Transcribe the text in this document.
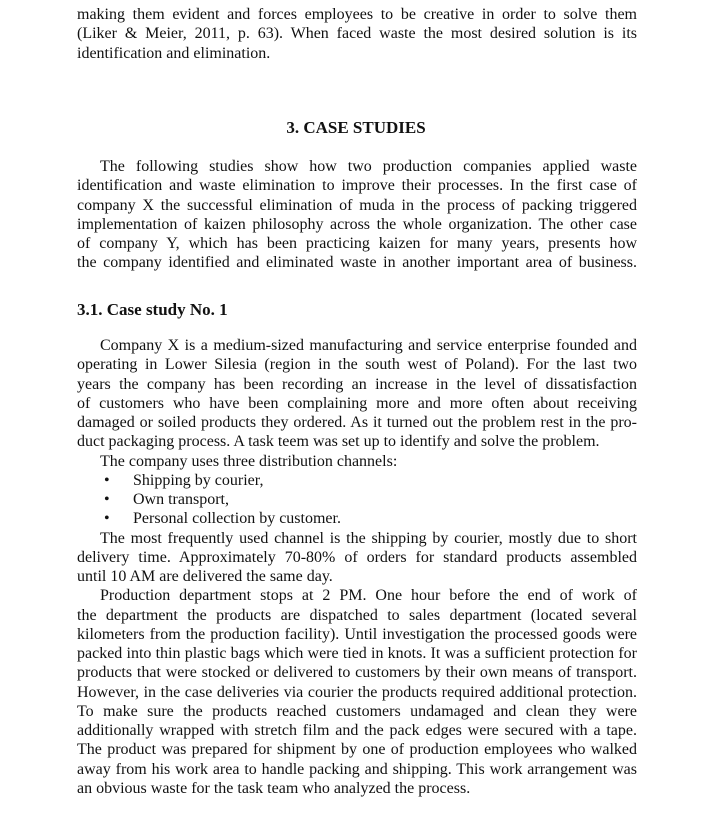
making them evident and forces employees to be creative in order to solve them
(Liker & Meier, 2011, p. 63). When faced waste the most desired solution is its
identification and elimination.
3. CASE STUDIES
The following studies show how two production companies applied waste
identification and waste elimination to improve their processes. In the first case of
company X the successful elimination of muda in the process of packing triggered
implementation of kaizen philosophy across the whole organization. The other case
of company Y, which has been practicing kaizen for many years, presents how
the company identified and eliminated waste in another important area of business.
3.1. Case study No. 1
Company X is a medium-sized manufacturing and service enterprise founded and
operating in Lower Silesia (region in the south west of Poland). For the last two
years the company has been recording an increase in the level of dissatisfaction
of customers who have been complaining more and more often about receiving
damaged or soiled products they ordered. As it turned out the problem rest in the pro-
duct packaging process. A task teem was set up to identify and solve the problem.
The company uses three distribution channels:
• Shipping by courier,
• Own transport,
• Personal collection by customer.
The most frequently used channel is the shipping by courier, mostly due to short
delivery time. Approximately 70-80% of orders for standard products assembled
until 10 AM are delivered the same day.
Production department stops at 2 PM. One hour before the end of work of
the department the products are dispatched to sales department (located several
kilometers from the production facility). Until investigation the processed goods were
packed into thin plastic bags which were tied in knots. It was a sufficient protection for
products that were stocked or delivered to customers by their own means of transport.
However, in the case deliveries via courier the products required additional protection.
To make sure the products reached customers undamaged and clean they were
additionally wrapped with stretch film and the pack edges were secured with a tape.
The product was prepared for shipment by one of production employees who walked
away from his work area to handle packing and shipping. This work arrangement was
an obvious waste for the task team who analyzed the process.
